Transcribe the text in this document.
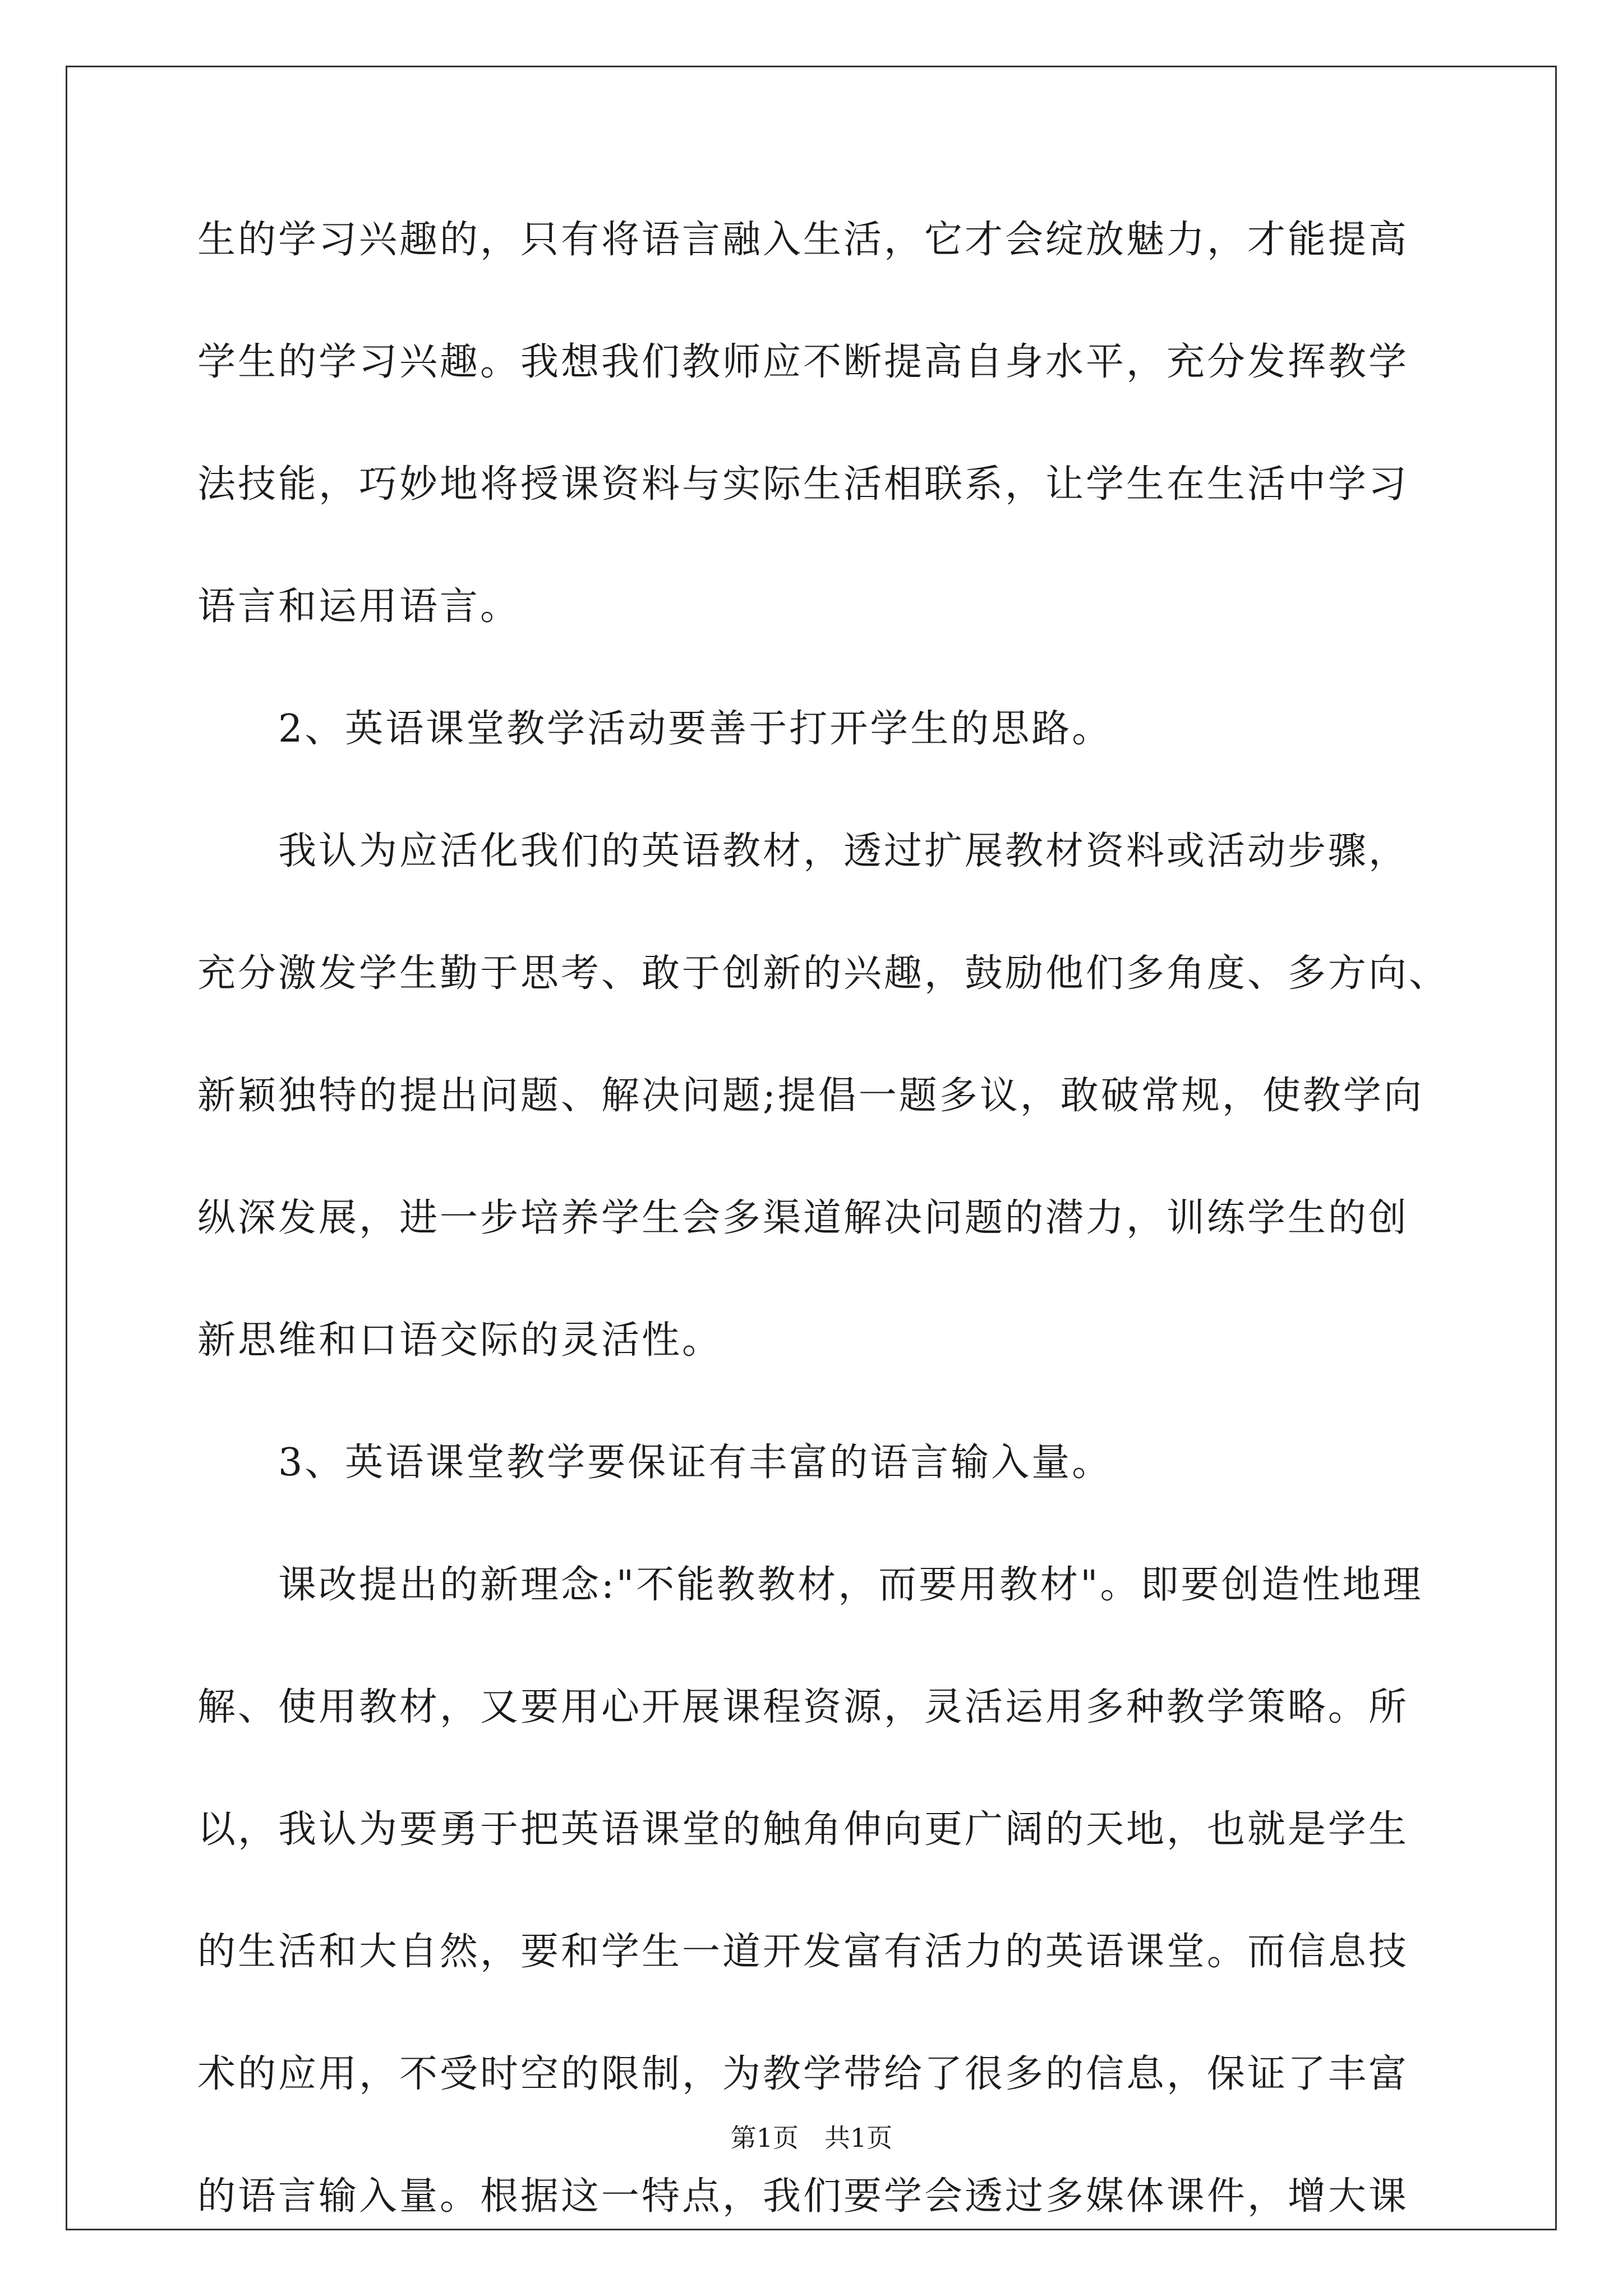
生的学习兴趣的，只有将语言融入生活，它才会绽放魅力，才能提高
学生的学习兴趣。我想我们教师应不断提高自身水平，充分发挥教学
法技能，巧妙地将授课资料与实际生活相联系，让学生在生活中学习
语言和运用语言。
　　2、英语课堂教学活动要善于打开学生的思路。
　　我认为应活化我们的英语教材，透过扩展教材资料或活动步骤，
充分激发学生勤于思考、敢于创新的兴趣，鼓励他们多角度、多方向、
新颖独特的提出问题、解决问题;提倡一题多议，敢破常规，使教学向
纵深发展，进一步培养学生会多渠道解决问题的潜力，训练学生的创
新思维和口语交际的灵活性。
　　3、英语课堂教学要保证有丰富的语言输入量。
　　课改提出的新理念:"不能教教材，而要用教材"。即要创造性地理
解、使用教材，又要用心开展课程资源，灵活运用多种教学策略。所
以，我认为要勇于把英语课堂的触角伸向更广阔的天地，也就是学生
的生活和大自然，要和学生一道开发富有活力的英语课堂。而信息技
术的应用，不受时空的限制，为教学带给了很多的信息，保证了丰富
的语言输入量。根据这一特点，我们要学会透过多媒体课件，增大课
第1页　共1页
